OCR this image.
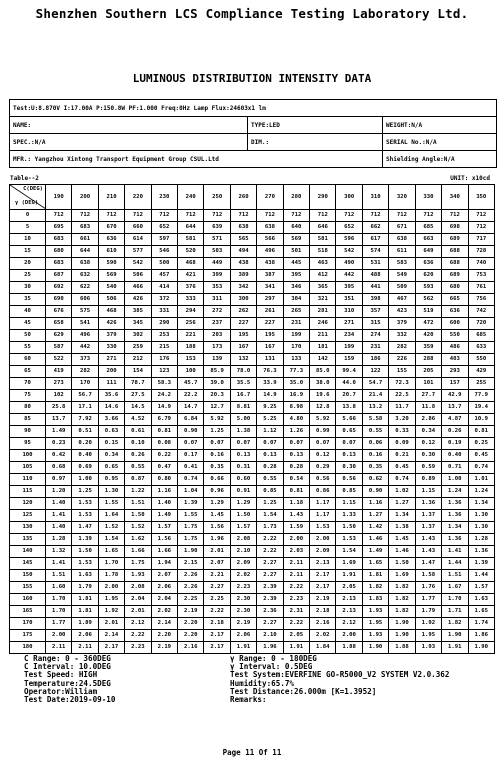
Shenzhen Southern LCS Compliance Testing Laboratory Ltd.
LUMINOUS DISTRIBUTION INTENSITY DATA
Test:U:8.870V I:17.00A P:150.8W PF:1.000 Freq:0Hz Lamp Flux:24603x1 lm
NAME:	TYPE:LED	WEIGHT:N/A
SPEC.:N/A	DIM.:	SERIAL No.:N/A
MFR.: Yangzhou Xintong Transport Equipment Group CSUL.Ltd	Shielding Angle:N/A
Table--2	UNIT: x10cd
C(DEG)
γ (DEG)	190	200	210	220	230	240	250	260	270	280	290	300	310	320	330	340	350
0	712	712	712	712	712	712	712	712	712	712	712	712	712	712	712	712	712
5	695	683	670	660	652	644	639	638	638	640	646	652	662	671	685	698	712
10	683	661	636	614	597	581	571	565	566	569	581	596	617	638	663	689	717
15	680	644	610	577	546	520	503	494	496	501	518	542	574	611	649	688	728
20	683	638	590	542	500	468	449	438	438	445	463	490	531	583	636	688	740
25	687	632	569	506	457	421	399	389	387	395	412	442	488	549	620	689	753
30	692	622	540	466	414	376	353	342	341	346	365	395	441	509	593	680	761
35	690	606	506	426	372	333	311	300	297	304	321	351	398	467	562	665	756
40	676	575	468	385	331	294	272	262	261	265	281	310	357	423	519	636	742
45	658	541	426	345	290	256	237	227	227	231	246	271	315	379	472	600	720
50	629	496	379	302	253	221	203	195	195	199	211	234	274	332	420	550	685
55	587	442	330	259	215	188	173	167	167	170	181	199	231	282	359	486	633
60	522	373	271	212	176	153	139	132	131	133	142	159	186	226	288	403	550
65	419	282	200	154	123	100	85.9	78.0	76.3	77.3	85.0	99.4	122	155	205	293	429
70	273	170	111	78.7	58.3	45.7	39.0	35.5	33.9	35.0	38.0	44.0	54.7	72.3	101	157	255
75	102	56.7	35.6	27.5	24.2	22.2	20.3	16.7	14.9	16.9	19.6	20.7	21.4	22.5	27.7	42.9	77.9
80	25.8	17.1	14.6	14.5	14.9	14.7	12.7	8.81	9.25	8.98	12.8	13.8	13.2	11.7	11.8	13.7	19.4
85	13.7	7.92	3.66	4.52	6.79	6.84	5.92	5.00	5.25	4.80	5.92	5.66	5.58	3.20	2.86	4.87	10.9
90	1.49	0.51	0.63	0.61	0.81	0.90	1.25	1.38	1.12	1.26	0.99	0.65	0.55	0.33	0.34	0.26	0.81
95	0.23	0.20	0.15	0.10	0.08	0.07	0.07	0.07	0.07	0.07	0.07	0.07	0.06	0.09	0.12	0.19	0.25
100	0.42	0.40	0.34	0.26	0.22	0.17	0.16	0.13	0.13	0.13	0.12	0.13	0.16	0.21	0.30	0.40	0.45
105	0.68	0.69	0.65	0.55	0.47	0.41	0.35	0.31	0.28	0.28	0.29	0.30	0.35	0.45	0.59	0.71	0.74
110	0.97	1.00	0.95	0.87	0.80	0.74	0.66	0.60	0.55	0.54	0.56	0.56	0.62	0.74	0.89	1.00	1.01
115	1.20	1.25	1.30	1.22	1.16	1.04	0.96	0.91	0.85	0.81	0.86	0.85	0.90	1.02	1.15	1.24	1.24
120	1.40	1.53	1.55	1.51	1.40	1.39	1.29	1.29	1.25	1.18	1.17	1.15	1.16	1.27	1.36	1.36	1.34
125	1.41	1.53	1.64	1.50	1.49	1.55	1.45	1.50	1.54	1.43	1.17	1.33	1.27	1.34	1.37	1.36	1.30
130	1.40	1.47	1.52	1.52	1.57	1.75	1.56	1.57	1.73	1.59	1.53	1.50	1.42	1.38	1.37	1.34	1.30
135	1.28	1.39	1.54	1.62	1.56	1.75	1.96	2.08	2.22	2.00	2.00	1.53	1.46	1.45	1.43	1.36	1.28
140	1.32	1.50	1.65	1.66	1.66	1.90	2.01	2.10	2.22	2.03	2.09	1.54	1.49	1.46	1.43	1.41	1.36
145	1.41	1.53	1.70	1.75	1.94	2.15	2.07	2.09	2.27	2.11	2.13	1.69	1.65	1.50	1.47	1.44	1.39
150	1.51	1.63	1.78	1.93	2.07	2.26	2.21	2.02	2.27	2.11	2.17	1.91	1.81	1.69	1.58	1.51	1.44
155	1.60	1.79	2.00	2.08	2.06	2.26	2.27	2.23	2.39	2.22	2.17	2.05	1.82	1.82	1.76	1.67	1.57
160	1.70	1.81	1.95	2.04	2.04	2.25	2.25	2.30	2.39	2.23	2.19	2.13	1.83	1.82	1.77	1.70	1.63
165	1.70	1.81	1.92	2.01	2.02	2.19	2.22	2.30	2.36	2.31	2.18	2.13	1.93	1.82	1.79	1.71	1.65
170	1.77	1.89	2.01	2.12	2.14	2.20	2.18	2.19	2.27	2.22	2.16	2.12	1.95	1.90	1.92	1.82	1.74
175	2.00	2.06	2.14	2.22	2.20	2.20	2.17	2.06	2.10	2.05	2.02	2.00	1.93	1.90	1.95	1.90	1.86
180	2.11	2.11	2.17	2.23	2.19	2.16	2.17	1.91	1.96	1.91	1.84	1.88	1.90	1.88	1.93	1.91	1.90
C Range: 0 - 360DEG	γ Range: 0 - 180DEG
C Interval: 10.0DEG	γ Interval: 0.5DEG
Test Speed: HIGH	Test System:EVERFINE GO-R5000_V2 SYSTEM V2.0.362
Temperature:24.5DEG	Humidity:65.7%
Operator:William	Test Distance:26.000m [K=1.3952]
Test Date:2019-09-10	Remarks:
Page 11 Of 11
